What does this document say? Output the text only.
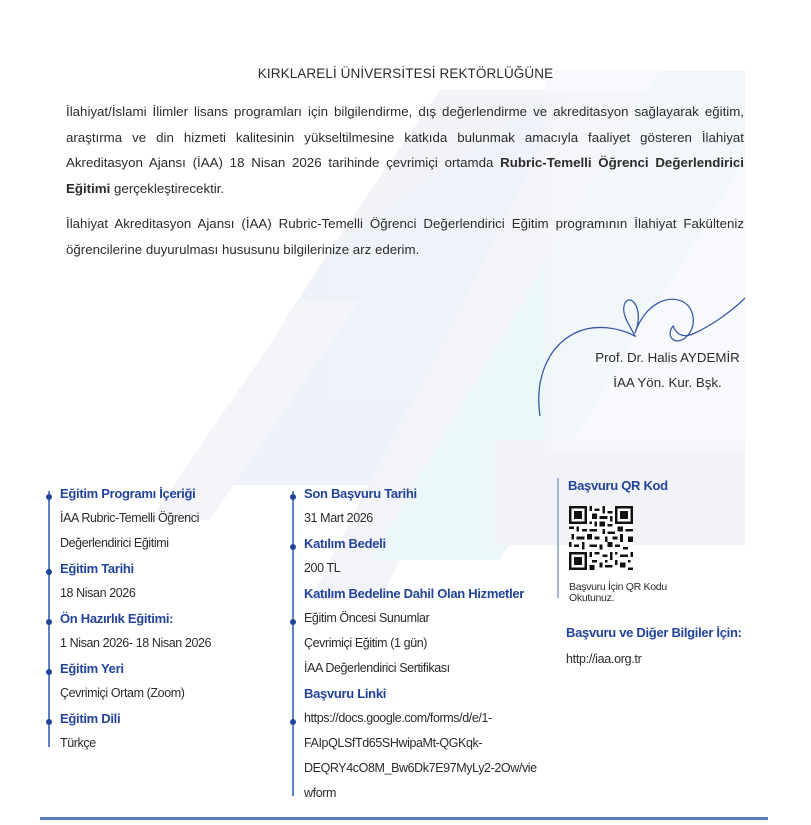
KIRKLARELİ ÜNİVERSİTESİ REKTÖRLÜĞÜNE

İlahiyat/İslami İlimler lisans programları için bilgilendirme, dış değerlendirme ve akreditasyon sağlayarak eğitim, araştırma ve din hizmeti kalitesinin yükseltilmesine katkıda bulunmak amacıyla faaliyet gösteren İlahiyat Akreditasyon Ajansı (İAA) 18 Nisan 2026 tarihinde çevrimiçi ortamda Rubric-Temelli Öğrenci Değerlendirici Eğitimi gerçekleştirecektir.

İlahiyat Akreditasyon Ajansı (İAA) Rubric-Temelli Öğrenci Değerlendirici Eğitim programının İlahiyat Fakülteniz öğrencilerine duyurulması hususunu bilgilerinize arz ederim.

Prof. Dr. Halis AYDEMİR
İAA Yön. Kur. Bşk.
Eğitim Programı İçeriği
İAA Rubric-Temelli Öğrenci
Değerlendirici Eğitimi
Eğitim Tarihi
18 Nisan 2026
Ön Hazırlık Eğitimi:
1 Nisan 2026- 18 Nisan 2026
Eğitim Yeri
Çevrimiçi Ortam (Zoom)
Eğitim Dili
Türkçe
Son Başvuru Tarihi
31 Mart 2026
Katılım Bedeli
200 TL
Katılım Bedeline Dahil Olan Hizmetler
Eğitim Öncesi Sunumlar
Çevrimiçi Eğitim (1 gün)
İAA Değerlendirici Sertifikası
Başvuru Linki
https://docs.google.com/forms/d/e/1-
FAIpQLSfTd65SHwipaMt-QGKqk-
DEQRY4cO8M_Bw6Dk7E97MyLy2-2Ow/vie
wform
Başvuru QR Kod
Başvuru İçin QR Kodu Okutunuz.
Başvuru ve Diğer Bilgiler İçin:
http://iaa.org.tr
